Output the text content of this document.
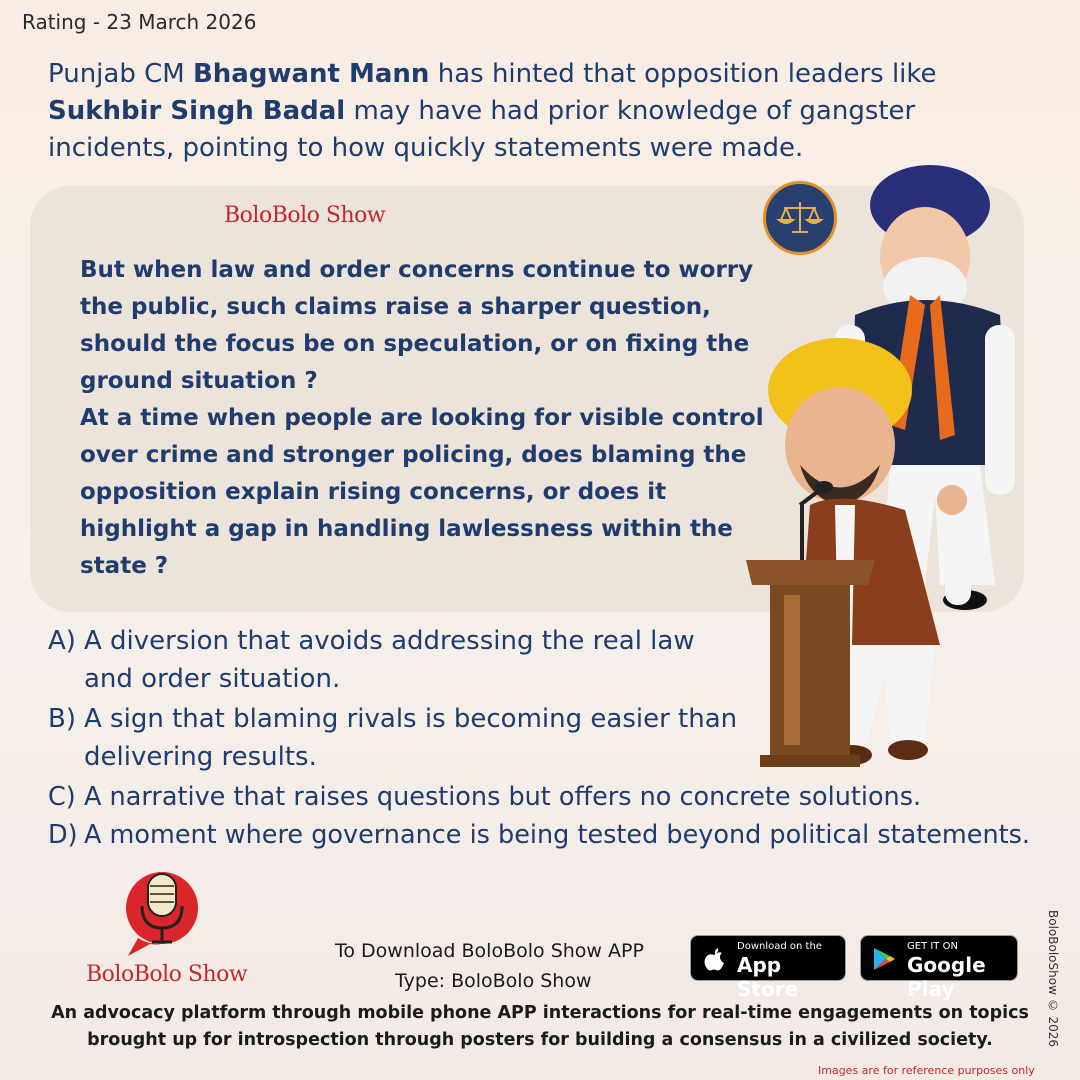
Rating - 23 March 2026
Punjab CM Bhagwant Mann has hinted that opposition leaders like Sukhbir Singh Badal may have had prior knowledge of gangster incidents, pointing to how quickly statements were made.
BoloBolo Show

But when law and order concerns continue to worry the public, such claims raise a sharper question, should the focus be on speculation, or on fixing the ground situation ?

At a time when people are looking for visible control over crime and stronger policing, does blaming the opposition explain rising concerns, or does it highlight a gap in handling lawlessness within the state ?

A) A diversion that avoids addressing the real law
and order situation.
B) A sign that blaming rivals is becoming easier than
delivering results.
C) A narrative that raises questions but offers no concrete solutions.
D) A moment where governance is being tested beyond political statements.
BoloBolo Show
To Download BoloBolo Show APP
Type: BoloBolo Show
Download on the
App Store
GET IT ON
Google Play
An advocacy platform through mobile phone APP interactions for real-time engagements on topics brought up for introspection through posters for building a consensus in a civilized society.	BoloBoloShow © 2026
Images are for reference purposes only
